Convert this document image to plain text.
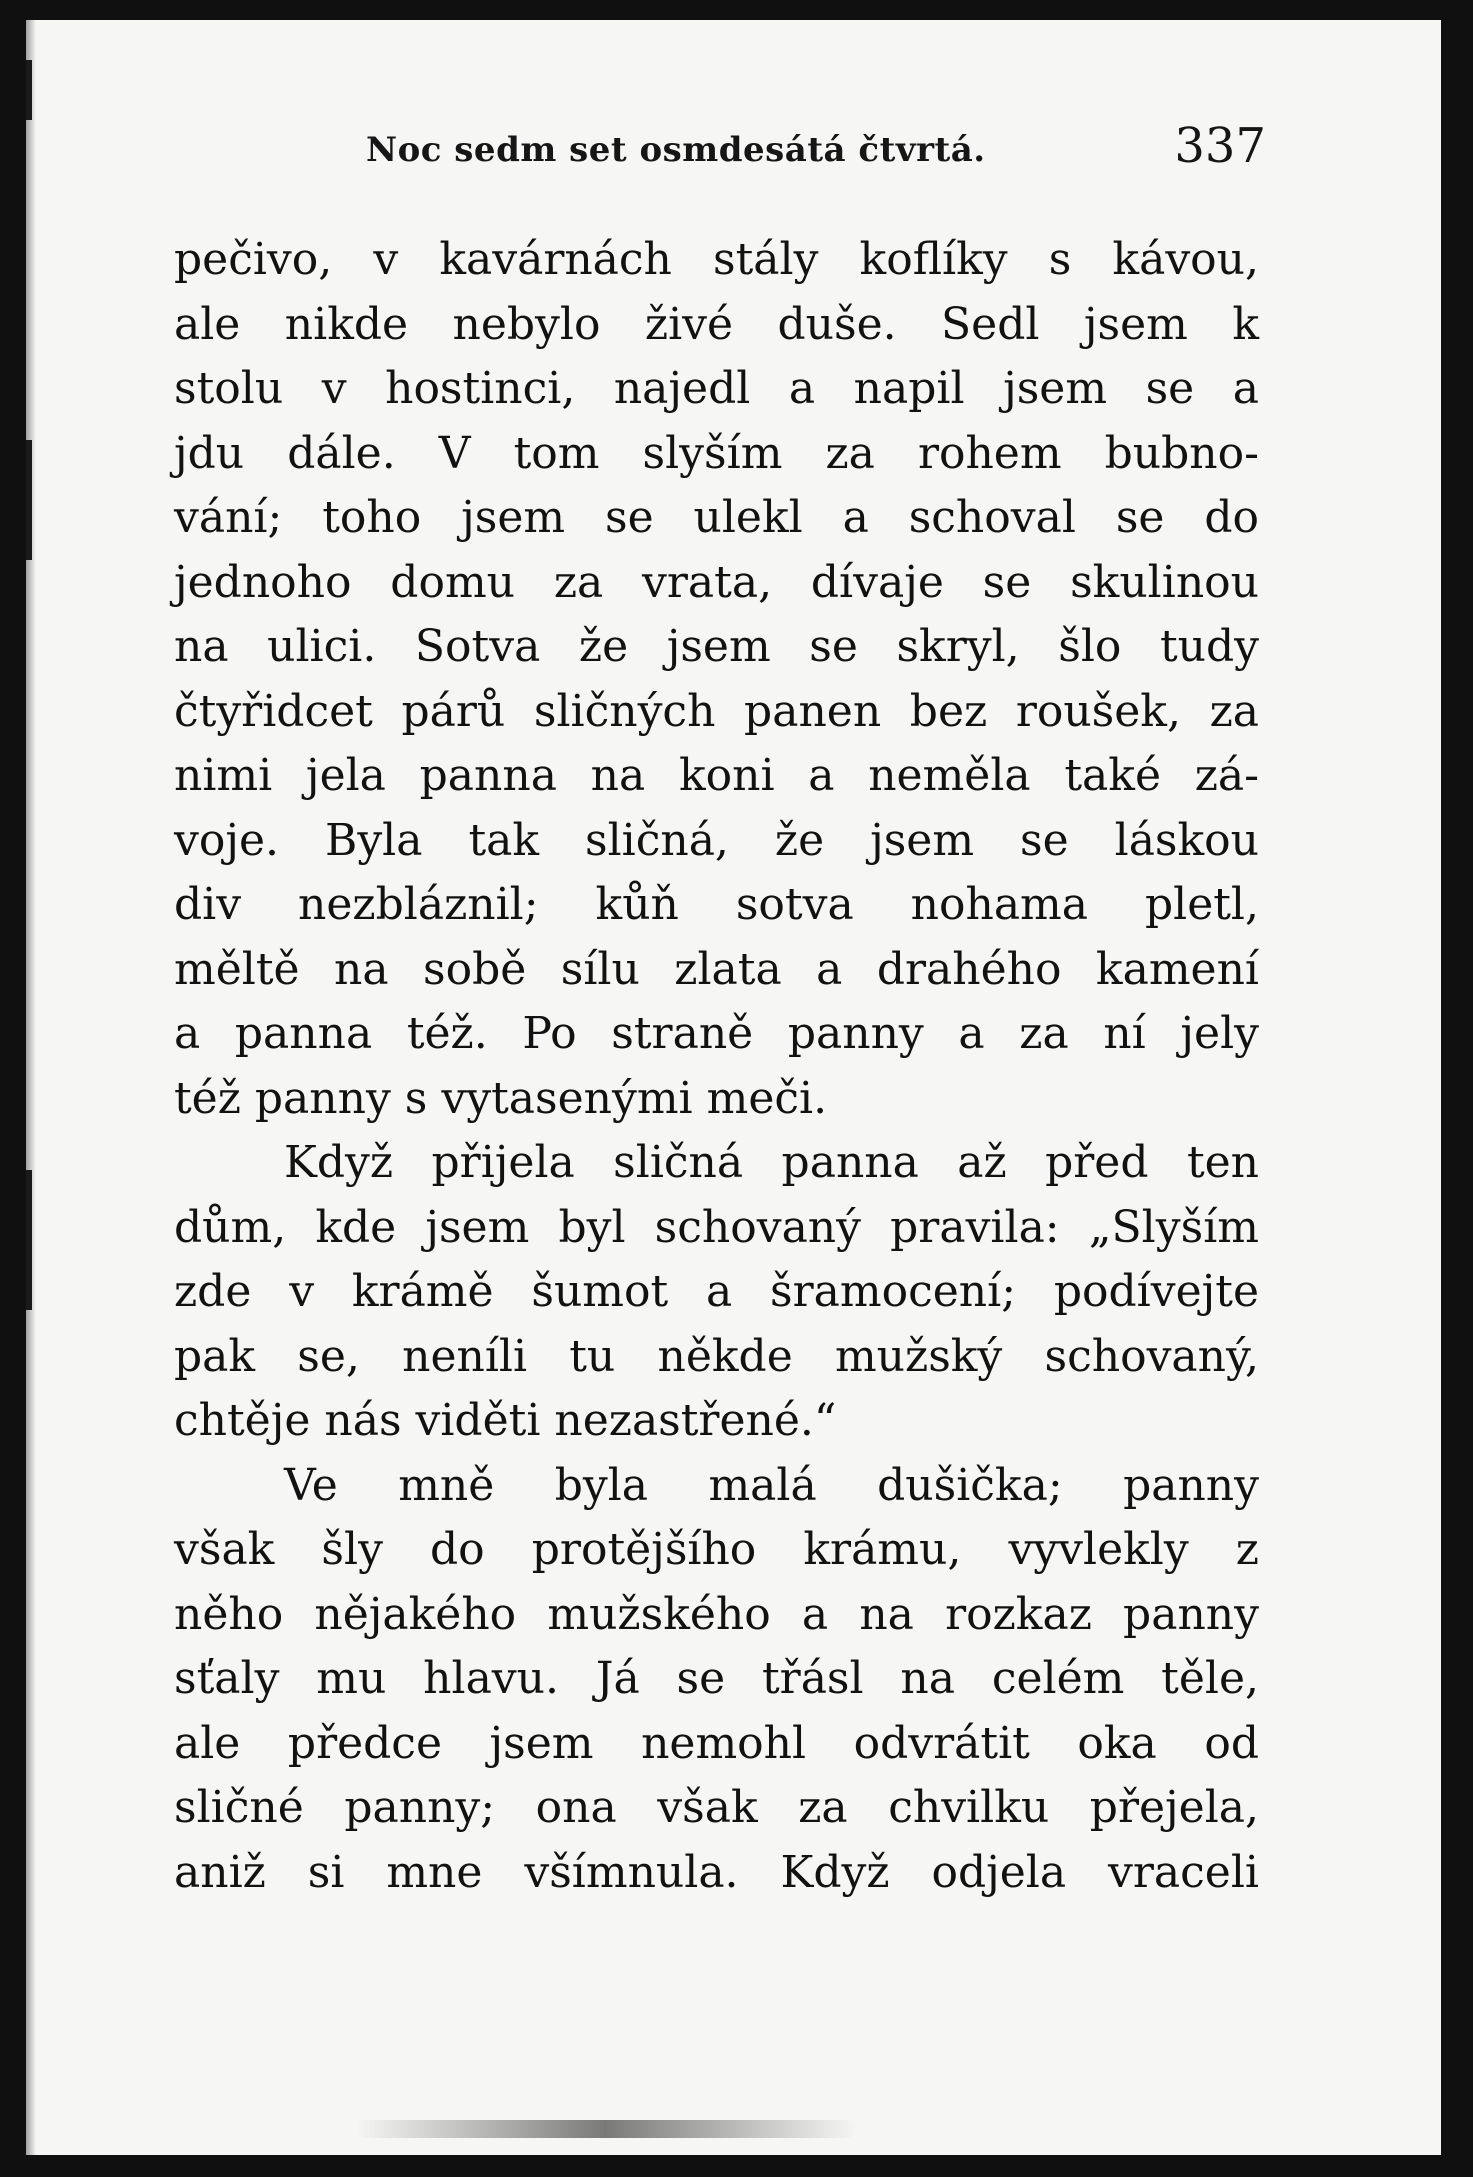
Noc sedm set osmdesátá čtvrtá.	337
pečivo, v kavárnách stály koflíky s kávou,
ale nikde nebylo živé duše. Sedl jsem k
stolu v hostinci, najedl a napil jsem se a
jdu dále. V tom slyším za rohem bubno-
vání; toho jsem se ulekl a schoval se do
jednoho domu za vrata, dívaje se skulinou
na ulici. Sotva že jsem se skryl, šlo tudy
čtyřidcet párů sličných panen bez roušek, za
nimi jela panna na koni a neměla také zá-
voje. Byla tak sličná, že jsem se láskou
div nezbláznil; kůň sotva nohama pletl,
měltě na sobě sílu zlata a drahého kamení
a panna též. Po straně panny a za ní jely
též panny s vytasenými meči.
Když přijela sličná panna až před ten
dům, kde jsem byl schovaný pravila: „Slyším
zde v krámě šumot a šramocení; podívejte
pak se, neníli tu někde mužský schovaný,
chtěje nás viděti nezastřené.“
Ve mně byla malá dušička; panny
však šly do protějšího krámu, vyvlekly z
něho nějakého mužského a na rozkaz panny
sťaly mu hlavu. Já se třásl na celém těle,
ale předce jsem nemohl odvrátit oka od
sličné panny; ona však za chvilku přejela,
aniž si mne všímnula. Když odjela vraceli
